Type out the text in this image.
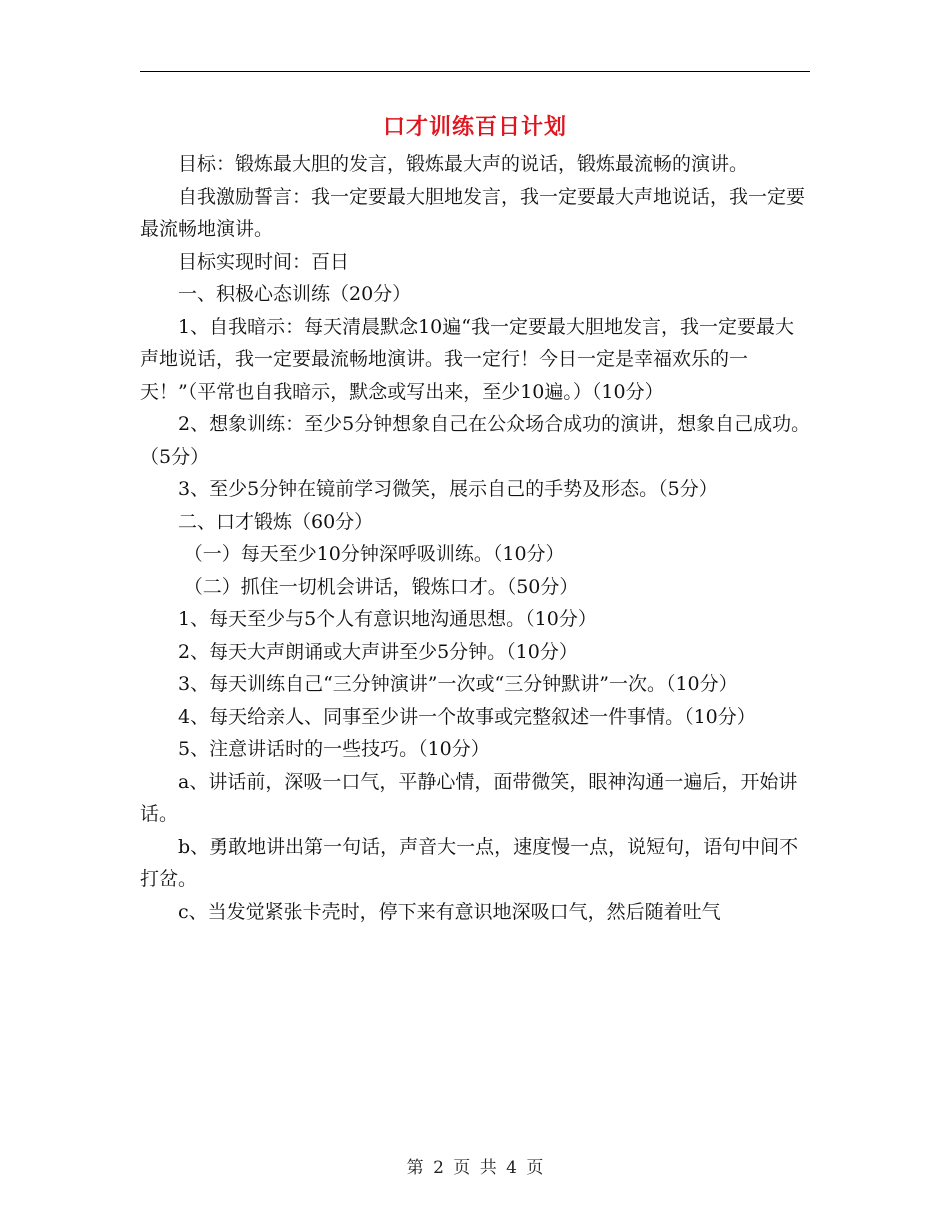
口才训练百日计划

目标：锻炼最大胆的发言，锻炼最大声的说话，锻炼最流畅的演讲。

自我激励誓言：我一定要最大胆地发言，我一定要最大声地说话，我一定要最流畅地演讲。

目标实现时间：百日

一、积极心态训练（20分）

1、自我暗示：每天清晨默念10遍“我一定要最大胆地发言，我一定要最大声地说话，我一定要最流畅地演讲。我一定行！今日一定是幸福欢乐的一天！”（平常也自我暗示，默念或写出来，至少10遍。）（10分）

2、想象训练：至少5分钟想象自己在公众场合成功的演讲，想象自己成功。（5分）

3、至少5分钟在镜前学习微笑，展示自己的手势及形态。（5分）

二、口才锻炼（60分）

（一）每天至少10分钟深呼吸训练。（10分）

（二）抓住一切机会讲话，锻炼口才。（50分）

1、每天至少与5个人有意识地沟通思想。（10分）

2、每天大声朗诵或大声讲至少5分钟。（10分）

3、每天训练自己“三分钟演讲”一次或“三分钟默讲”一次。（10分）

4、每天给亲人、同事至少讲一个故事或完整叙述一件事情。（10分）

5、注意讲话时的一些技巧。（10分）

a、讲话前，深吸一口气，平静心情，面带微笑，眼神沟通一遍后，开始讲话。

b、勇敢地讲出第一句话，声音大一点，速度慢一点，说短句，语句中间不打岔。

c、当发觉紧张卡壳时，停下来有意识地深吸口气，然后随着吐气

第 2 页 共 4 页
